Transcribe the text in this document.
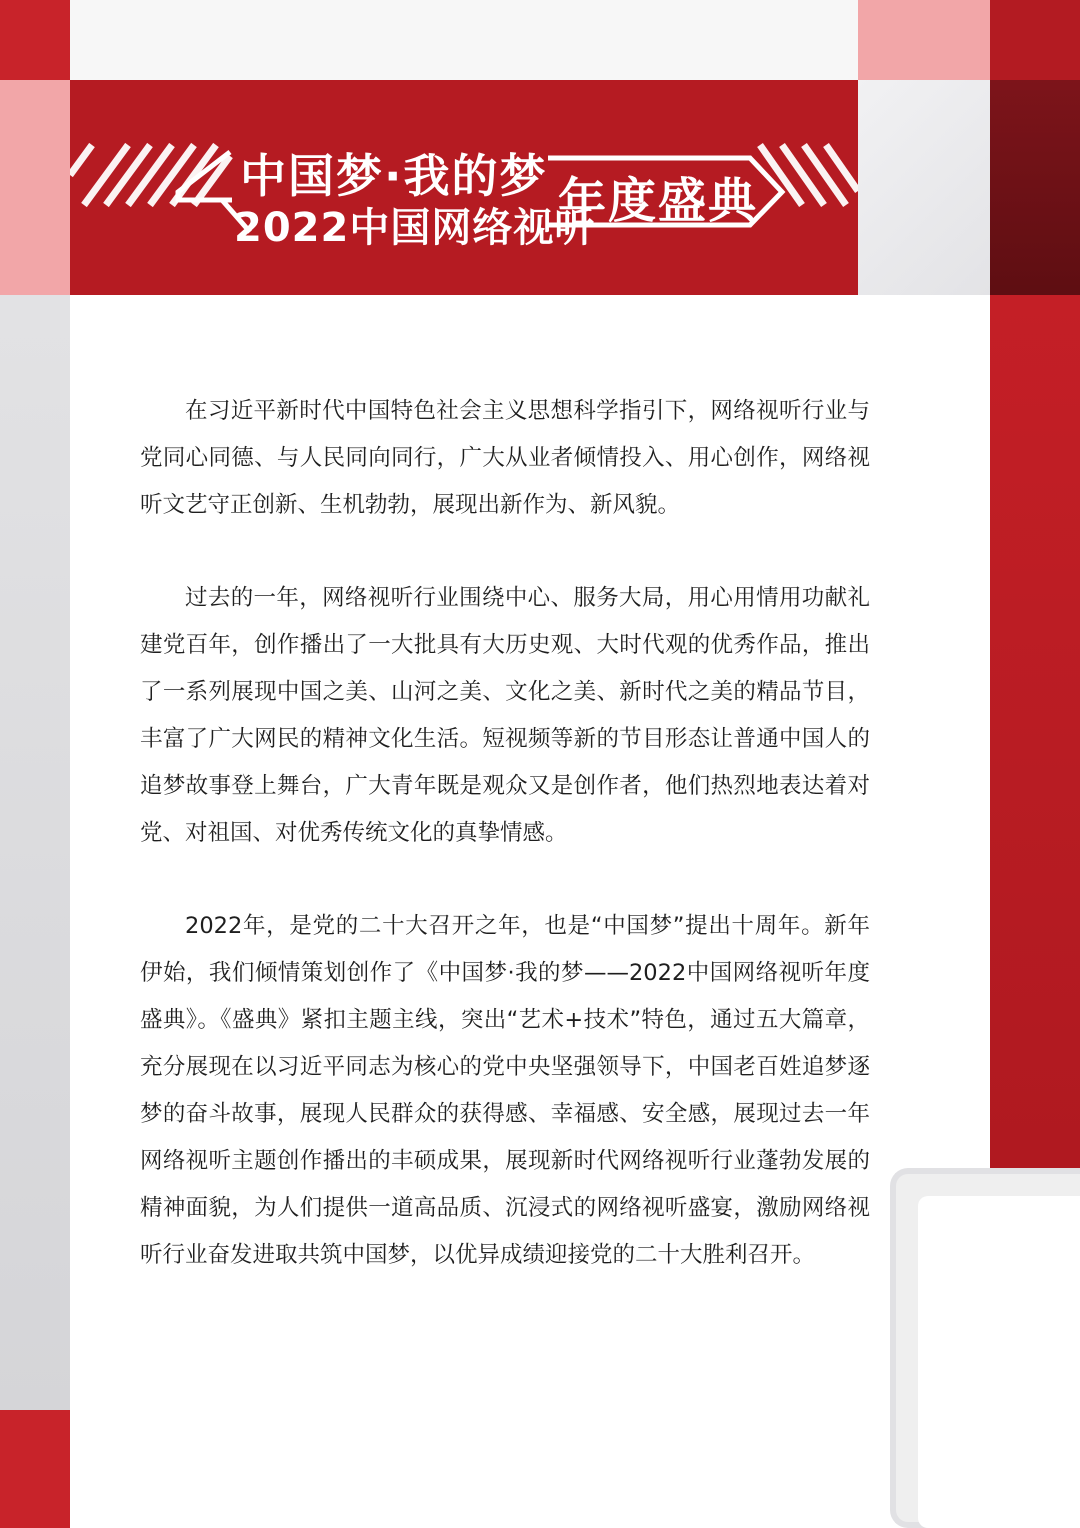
中国梦·我的梦
2022中国网络视听
年度盛典

在习近平新时代中国特色社会主义思想科学指引下，网络视听行业与党同心同德、与人民同向同行，广大从业者倾情投入、用心创作，网络视听文艺守正创新、生机勃勃，展现出新作为、新风貌。

过去的一年，网络视听行业围绕中心、服务大局，用心用情用功献礼建党百年，创作播出了一大批具有大历史观、大时代观的优秀作品，推出了一系列展现中国之美、山河之美、文化之美、新时代之美的精品节目，丰富了广大网民的精神文化生活。短视频等新的节目形态让普通中国人的追梦故事登上舞台，广大青年既是观众又是创作者，他们热烈地表达着对党、对祖国、对优秀传统文化的真挚情感。

2022年，是党的二十大召开之年，也是“中国梦”提出十周年。新年伊始，我们倾情策划创作了《中国梦·我的梦——2022中国网络视听年度盛典》。《盛典》紧扣主题主线，突出“艺术+技术”特色，通过五大篇章，充分展现在以习近平同志为核心的党中央坚强领导下，中国老百姓追梦逐梦的奋斗故事，展现人民群众的获得感、幸福感、安全感，展现过去一年网络视听主题创作播出的丰硕成果，展现新时代网络视听行业蓬勃发展的精神面貌，为人们提供一道高品质、沉浸式的网络视听盛宴，激励网络视听行业奋发进取共筑中国梦，以优异成绩迎接党的二十大胜利召开。
